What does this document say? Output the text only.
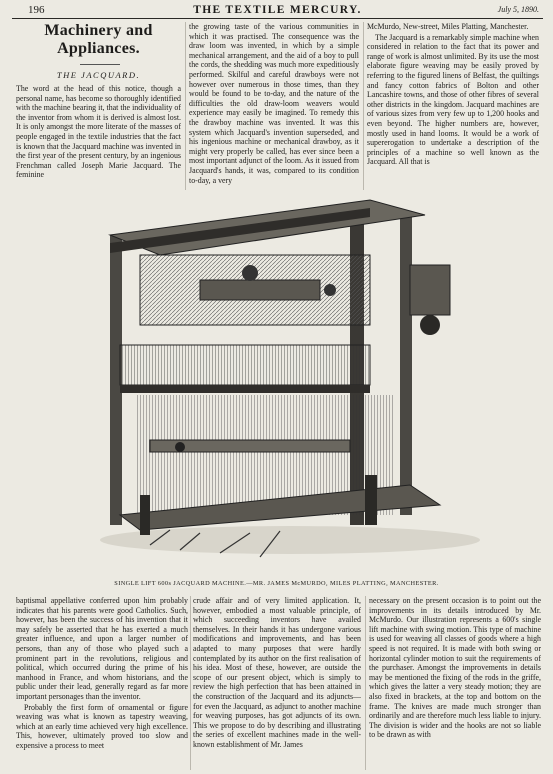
196	THE TEXTILE MERCURY.	July 5, 1890.
Machinery and
Appliances.
THE JACQUARD.

The word at the head of this notice, though a personal name, has become so thoroughly identified with the machine bearing it, that the individuality of the inventor from whom it is derived is almost lost. It is only amongst the more literate of the masses of people engaged in the textile industries that the fact is known that the Jacquard machine was invented in the first year of the present century, by an ingenious Frenchman called Joseph Marie Jacquard. The feminine

the growing taste of the various communities in which it was practised. The consequence was the draw loom was invented, in which by a simple mechanical arrangement, and the aid of a boy to pull the cords, the shedding was much more expeditiously performed. Skilful and careful drawboys were not however over numerous in those times, than they would be found to be to-day, and the nature of the difficulties the old draw-loom weavers would experience may easily be imagined. To remedy this the drawboy machine was invented. It was this system which Jacquard's invention superseded, and his ingenious machine or mechanical drawboy, as it might very properly be called, has ever since been a most important adjunct of the loom. As it issued from Jacquard's hands, it was, compared to its condition to-day, a very

McMurdo, New-street, Miles Platting, Manchester.

The Jacquard is a remarkably simple machine when considered in relation to the fact that its power and range of work is almost unlimited. By its use the most elaborate figure weaving may be easily proved by referring to the figured linens of Belfast, the quiltings and fancy cotton fabrics of Bolton and other Lancashire towns, and those of other fibres of several other districts in the kingdom. Jacquard machines are of various sizes from very few up to 1,200 hooks and even beyond. The higher numbers are, however, mostly used in hand looms. It would be a work of supererogation to undertake a description of the principles of a machine so well known as the Jacquard. All that is

SINGLE LIFT 600s JACQUARD MACHINE.—MR. JAMES McMURDO, MILES PLATTING, MANCHESTER.

baptismal appellative conferred upon him probably indicates that his parents were good Catholics. Such, however, has been the success of his invention that it may safely be asserted that he has exerted a much greater influence, and upon a larger number of persons, than any of those who played such a prominent part in the revolutions, religious and political, which occurred during the prime of his manhood in France, and whom historians, and the public under their lead, generally regard as far more important personages than the inventor.

Probably the first form of ornamental or figure weaving was what is known as tapestry weaving, which at an early time achieved very high excellence. This, however, ultimately proved too slow and expensive a process to meet

crude affair and of very limited application. It, however, embodied a most valuable principle, of which succeeding inventors have availed themselves. In their hands it has undergone various modifications and improvements, and has been adapted to many purposes that were hardly contemplated by its author on the first realisation of his idea. Most of these, however, are outside the scope of our present object, which is simply to review the high perfection that has been attained in the construction of the Jacquard and its adjuncts—for even the Jacquard, as adjunct to another machine for weaving purposes, has got adjuncts of its own. This we propose to do by describing and illustrating the series of excellent machines made in the well-known establishment of Mr. James

necessary on the present occasion is to point out the improvements in its details introduced by Mr. McMurdo. Our illustration represents a 600's single lift machine with swing motion. This type of machine is used for weaving all classes of goods where a high speed is not required. It is made with both swing or horizontal cylinder motion to suit the requirements of the purchaser. Amongst the improvements in details may be mentioned the fixing of the rods in the griffe, which gives the latter a very steady motion; they are also fixed in brackets, at the top and bottom on the frame. The knives are made much stronger than ordinarily and are therefore much less liable to injury. The division is wider and the hooks are not so liable to be drawn as with
